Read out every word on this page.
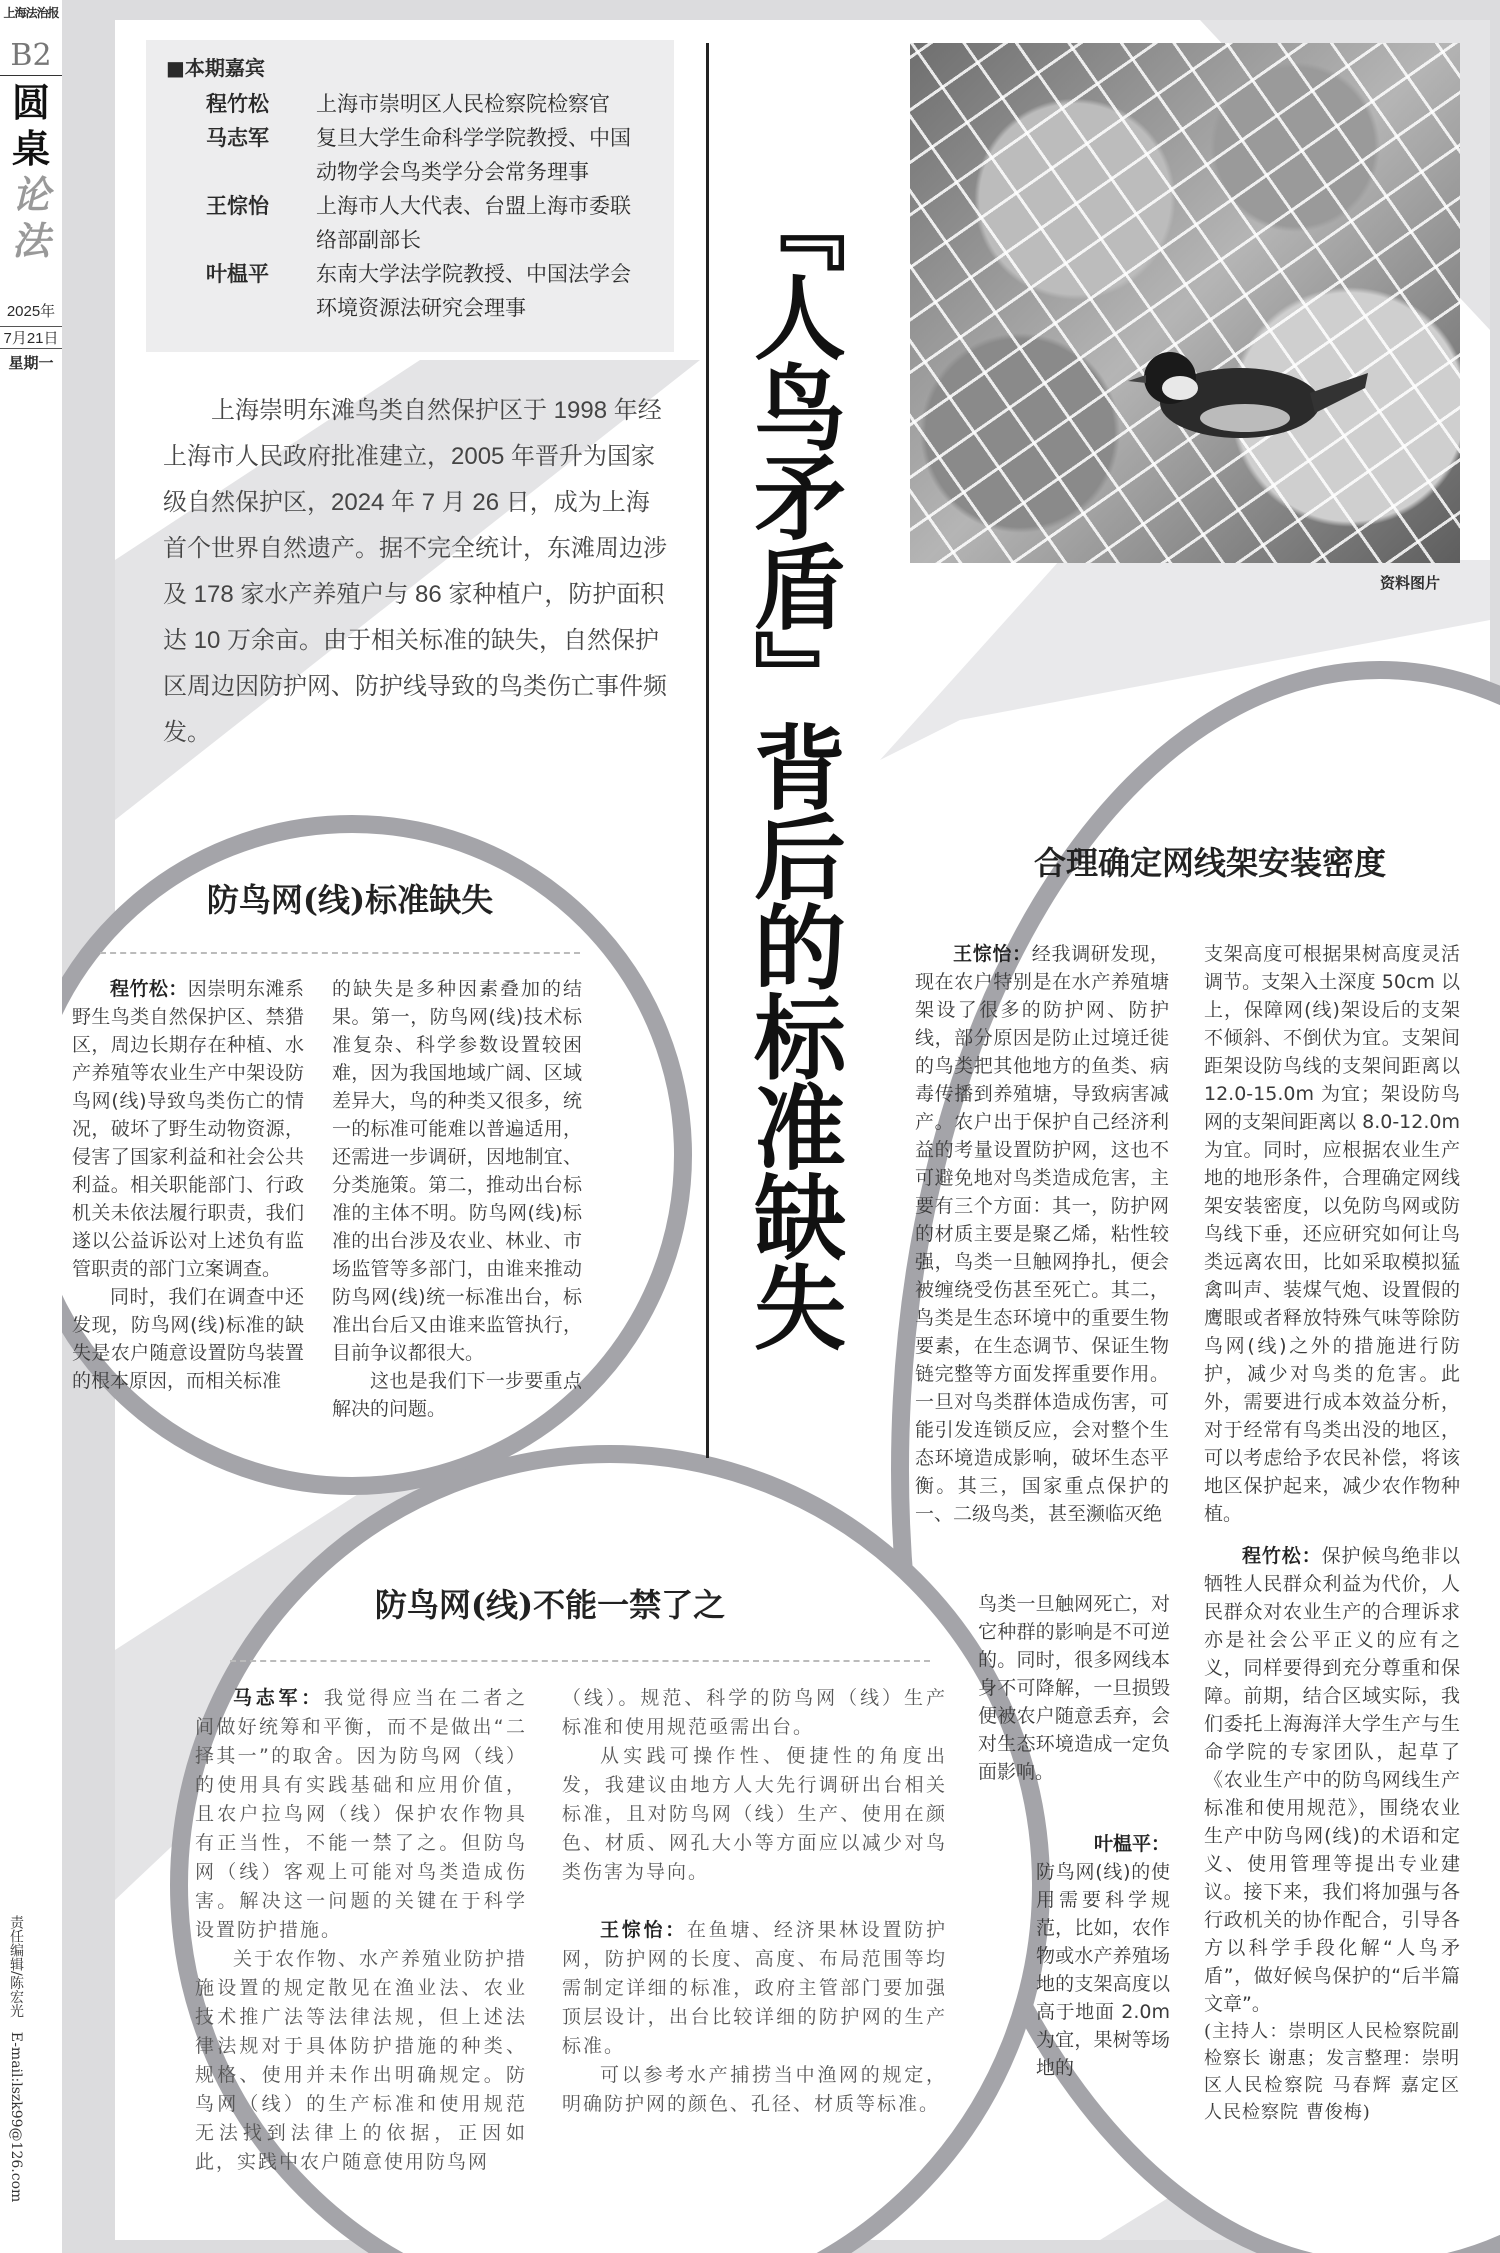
上海法治报
B2
圆桌
论法
2025年
7月21日
星期一
责任编辑/陈宏光　E-mail:lszk99@126.com
■本期嘉宾
程竹松	上海市崇明区人民检察院检察官
马志军	复旦大学生命科学学院教授、中国动物学会鸟类学分会常务理事
王悰怡	上海市人大代表、台盟上海市委联络部副部长
叶榅平	东南大学法学院教授、中国法学会环境资源法研究会理事
上海崇明东滩鸟类自然保护区于 1998 年经上海市人民政府批准建立，2005 年晋升为国家级自然保护区，2024 年 7 月 26 日，成为上海首个世界自然遗产。据不完全统计，东滩周边涉及 178 家水产养殖户与 86 家种植户，防护面积达 10 万余亩。由于相关标准的缺失，自然保护区周边因防护网、防护线导致的鸟类伤亡事件频发。
资料图片
『人鸟矛盾』背后的标准缺失
防鸟网(线)标准缺失

程竹松：因崇明东滩系野生鸟类自然保护区、禁猎区，周边长期存在种植、水产养殖等农业生产中架设防鸟网(线)导致鸟类伤亡的情况，破坏了野生动物资源，侵害了国家利益和社会公共利益。相关职能部门、行政机关未依法履行职责，我们遂以公益诉讼对上述负有监管职责的部门立案调查。

同时，我们在调查中还发现，防鸟网(线)标准的缺失是农户随意设置防鸟装置的根本原因，而相关标准

的缺失是多种因素叠加的结果。第一，防鸟网(线)技术标准复杂、科学参数设置较困难，因为我国地域广阔、区域差异大，鸟的种类又很多，统一的标准可能难以普遍适用，还需进一步调研，因地制宜、分类施策。第二，推动出台标准的主体不明。防鸟网(线)标准的出台涉及农业、林业、市场监管等多部门，由谁来推动防鸟网(线)统一标准出台，标准出台后又由谁来监管执行，目前争议都很大。

这也是我们下一步要重点解决的问题。

防鸟网(线)不能一禁了之

马志军：我觉得应当在二者之间做好统筹和平衡，而不是做出“二择其一”的取舍。因为防鸟网（线）的使用具有实践基础和应用价值，且农户拉鸟网（线）保护农作物具有正当性，不能一禁了之。但防鸟网（线）客观上可能对鸟类造成伤害。解决这一问题的关键在于科学设置防护措施。

关于农作物、水产养殖业防护措施设置的规定散见在渔业法、农业技术推广法等法律法规，但上述法律法规对于具体防护措施的种类、规格、使用并未作出明确规定。防鸟网（线）的生产标准和使用规范无法找到法律上的依据，正因如此，实践中农户随意使用防鸟网

（线）。规范、科学的防鸟网（线）生产标准和使用规范亟需出台。

从实践可操作性、便捷性的角度出发，我建议由地方人大先行调研出台相关标准，且对防鸟网（线）生产、使用在颜色、材质、网孔大小等方面应以减少对鸟类伤害为导向。

王悰怡：在鱼塘、经济果林设置防护网，防护网的长度、高度、布局范围等均需制定详细的标准，政府主管部门要加强顶层设计，出台比较详细的防护网的生产标准。

可以参考水产捕捞当中渔网的规定，明确防护网的颜色、孔径、材质等标准。

合理确定网线架安装密度

王悰怡：经我调研发现，现在农户特别是在水产养殖塘架设了很多的防护网、防护线，部分原因是防止过境迁徙的鸟类把其他地方的鱼类、病毒传播到养殖塘，导致病害减产。农户出于保护自己经济利益的考量设置防护网，这也不可避免地对鸟类造成危害，主要有三个方面：其一，防护网的材质主要是聚乙烯，粘性较强，鸟类一旦触网挣扎，便会被缠绕受伤甚至死亡。其二，鸟类是生态环境中的重要生物要素，在生态调节、保证生物链完整等方面发挥重要作用。一旦对鸟类群体造成伤害，可能引发连锁反应，会对整个生态环境造成影响，破坏生态平衡。其三，国家重点保护的一、二级鸟类，甚至濒临灭绝

鸟类一旦触网死亡，对它种群的影响是不可逆的。同时，很多网线本身不可降解，一旦损毁便被农户随意丢弃，会对生态环境造成一定负面影响。

叶榅平：

防鸟网(线)的使用需要科学规范，比如，农作物或水产养殖场地的支架高度以高于地面 2.0m 为宜，果树等场地的

支架高度可根据果树高度灵活调节。支架入土深度 50cm 以上，保障网(线)架设后的支架不倾斜、不倒伏为宜。支架间距架设防鸟线的支架间距离以 12.0-15.0m 为宜；架设防鸟网的支架间距离以 8.0-12.0m 为宜。同时，应根据农业生产地的地形条件，合理确定网线架安装密度，以免防鸟网或防鸟线下垂，还应研究如何让鸟类远离农田，比如采取模拟猛禽叫声、装煤气炮、设置假的鹰眼或者释放特殊气味等除防鸟网(线)之外的措施进行防护，减少对鸟类的危害。此外，需要进行成本效益分析，对于经常有鸟类出没的地区，可以考虑给予农民补偿，将该地区保护起来，减少农作物种植。

程竹松：保护候鸟绝非以牺牲人民群众利益为代价，人民群众对农业生产的合理诉求亦是社会公平正义的应有之义，同样要得到充分尊重和保障。前期，结合区域实际，我们委托上海海洋大学生产与生命学院的专家团队，起草了《农业生产中的防鸟网线生产标准和使用规范》，围绕农业生产中防鸟网(线)的术语和定义、使用管理等提出专业建议。接下来，我们将加强与各行政机关的协作配合，引导各方以科学手段化解“人鸟矛盾”，做好候鸟保护的“后半篇文章”。

(主持人：崇明区人民检察院副检察长 谢惠；发言整理：崇明区人民检察院 马春辉 嘉定区人民检察院 曹俊梅)
